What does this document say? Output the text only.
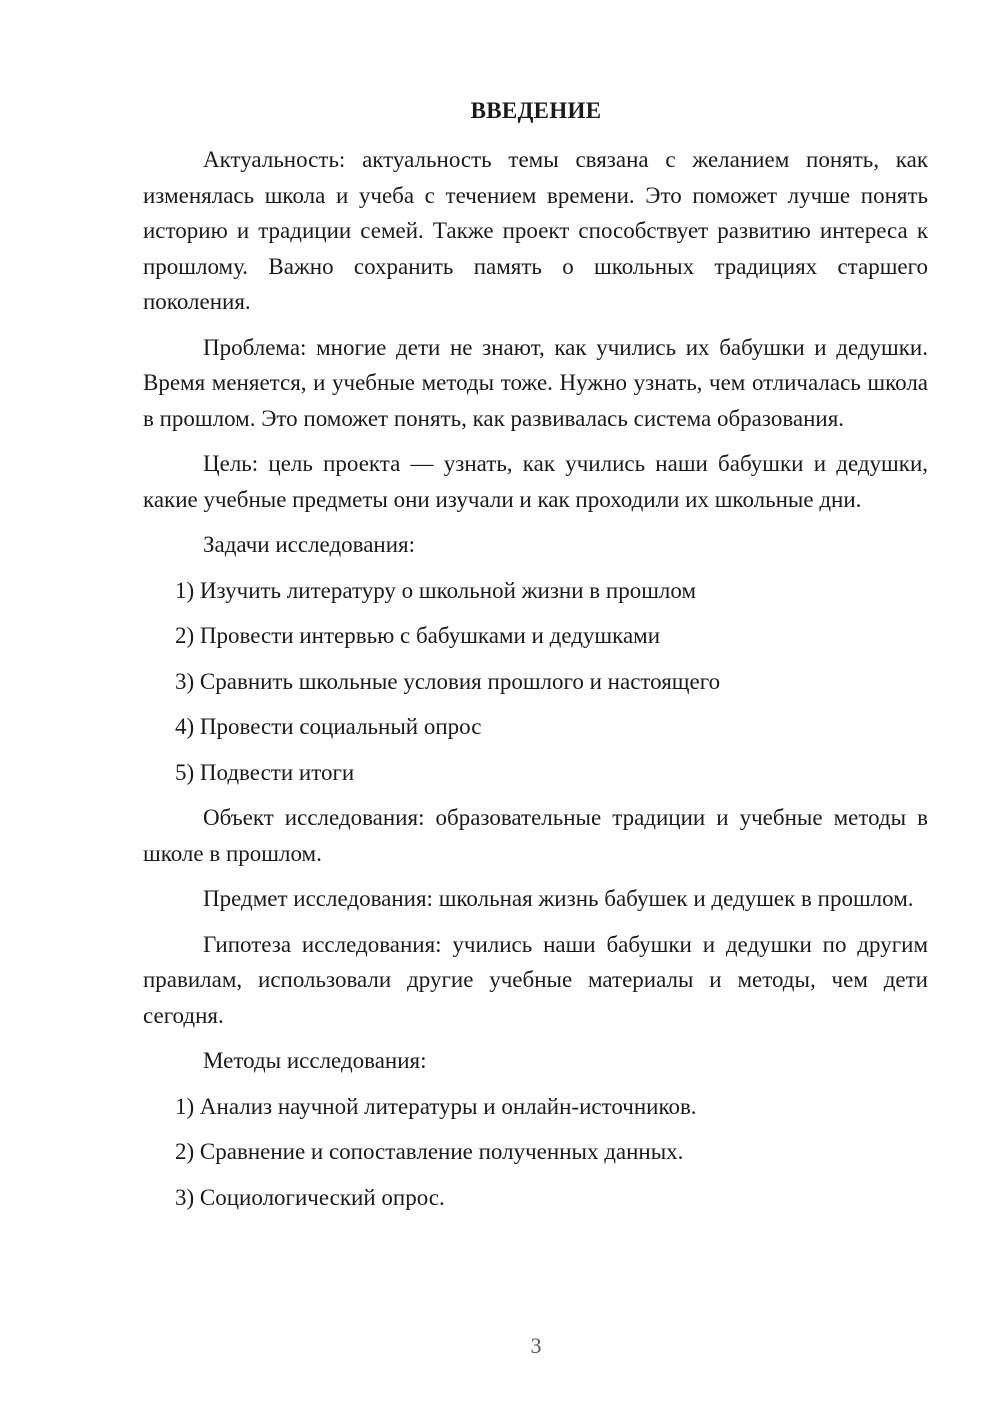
ВВЕДЕНИЕ

Актуальность: актуальность темы связана с желанием понять, как изменялась школа и учеба с течением времени. Это поможет лучше понять историю и традиции семей. Также проект способствует развитию интереса к прошлому. Важно сохранить память о школьных традициях старшего поколения.

Проблема: многие дети не знают, как учились их бабушки и дедушки. Время меняется, и учебные методы тоже. Нужно узнать, чем отличалась школа в прошлом. Это поможет понять, как развивалась система образования.

Цель: цель проекта — узнать, как учились наши бабушки и дедушки, какие учебные предметы они изучали и как проходили их школьные дни.

Задачи исследования:

1) Изучить литературу о школьной жизни в прошлом
2) Провести интервью с бабушками и дедушками
3) Сравнить школьные условия прошлого и настоящего
4) Провести социальный опрос
5) Подвести итоги

Объект исследования: образовательные традиции и учебные методы в школе в прошлом.

Предмет исследования: школьная жизнь бабушек и дедушек в прошлом.

Гипотеза исследования: учились наши бабушки и дедушки по другим правилам, использовали другие учебные материалы и методы, чем дети сегодня.

Методы исследования:

1) Анализ научной литературы и онлайн-источников.
2) Сравнение и сопоставление полученных данных.
3) Социологический опрос.
3
